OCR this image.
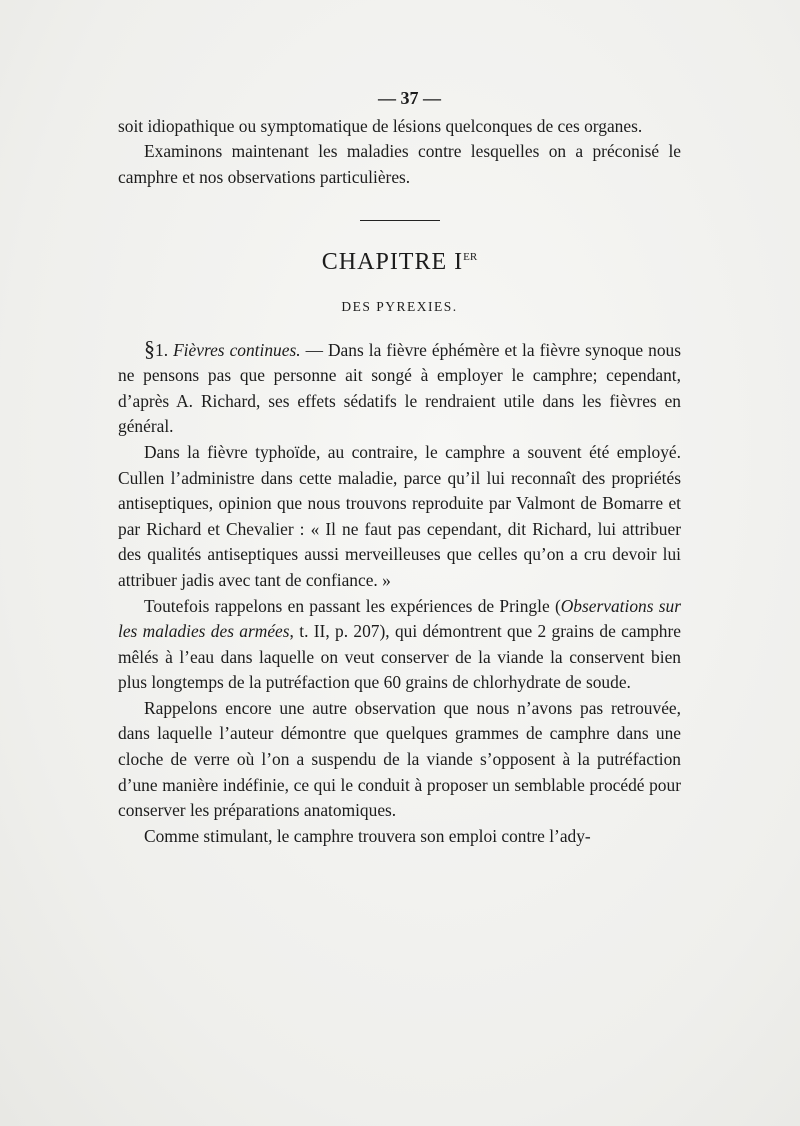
— 37 —

soit idiopathique ou symptomatique de lésions quelconques de ces organes.

Examinons maintenant les maladies contre lesquelles on a préconisé le camphre et nos observations particulières.

CHAPITRE IER
DES PYREXIES.

§1. Fièvres continues. — Dans la fièvre éphémère et la fièvre synoque nous ne pensons pas que personne ait songé à employer le camphre; cependant, d’après A. Richard, ses effets sédatifs le rendraient utile dans les fièvres en général.

Dans la fièvre typhoïde, au contraire, le camphre a souvent été employé. Cullen l’administre dans cette maladie, parce qu’il lui reconnaît des propriétés antiseptiques, opinion que nous trouvons reproduite par Valmont de Bomarre et par Richard et Chevalier : « Il ne faut pas cependant, dit Richard, lui attribuer des qualités antiseptiques aussi merveilleuses que celles qu’on a cru devoir lui attribuer jadis avec tant de confiance. »

Toutefois rappelons en passant les expériences de Pringle (Observations sur les maladies des armées, t. II, p. 207), qui démontrent que 2 grains de camphre mêlés à l’eau dans laquelle on veut conserver de la viande la conservent bien plus longtemps de la putréfaction que 60 grains de chlorhydrate de soude.

Rappelons encore une autre observation que nous n’avons pas retrouvée, dans laquelle l’auteur démontre que quelques grammes de camphre dans une cloche de verre où l’on a suspendu de la viande s’opposent à la putréfaction d’une manière indéfinie, ce qui le conduit à proposer un semblable procédé pour conserver les préparations anatomiques.

Comme stimulant, le camphre trouvera son emploi contre l’ady-
